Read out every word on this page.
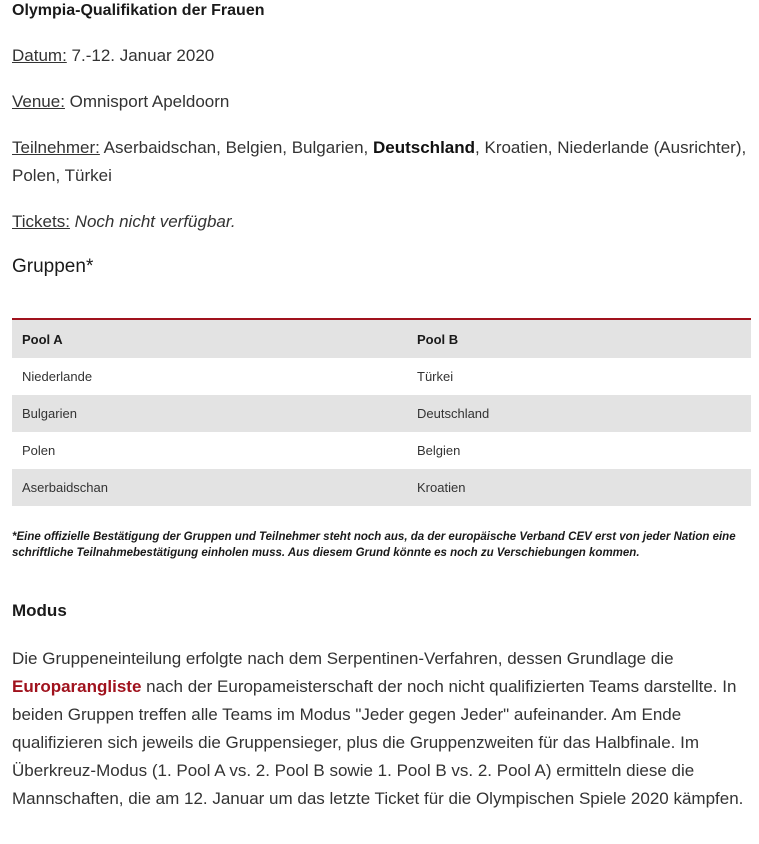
Olympia-Qualifikation der Frauen

Datum: 7.-12. Januar 2020

Venue: Omnisport Apeldoorn

Teilnehmer: Aserbaidschan, Belgien, Bulgarien, Deutschland, Kroatien, Niederlande (Ausrichter), Polen, Türkei

Tickets: Noch nicht verfügbar.

Gruppen*

Pool A	Pool B
Niederlande	Türkei
Bulgarien	Deutschland
Polen	Belgien
Aserbaidschan	Kroatien

*Eine offizielle Bestätigung der Gruppen und Teilnehmer steht noch aus, da der europäische Verband CEV erst von jeder Nation eine schriftliche Teilnahmebestätigung einholen muss. Aus diesem Grund könnte es noch zu Verschiebungen kommen.

Modus

Die Gruppeneinteilung erfolgte nach dem Serpentinen-Verfahren, dessen Grundlage die Europarangliste nach der Europameisterschaft der noch nicht qualifizierten Teams darstellte. In beiden Gruppen treffen alle Teams im Modus "Jeder gegen Jeder" aufeinander. Am Ende qualifizieren sich jeweils die Gruppensieger, plus die Gruppenzweiten für das Halbfinale. Im Überkreuz-Modus (1. Pool A vs. 2. Pool B sowie 1. Pool B vs. 2. Pool A) ermitteln diese die Mannschaften, die am 12. Januar um das letzte Ticket für die Olympischen Spiele 2020 kämpfen.
